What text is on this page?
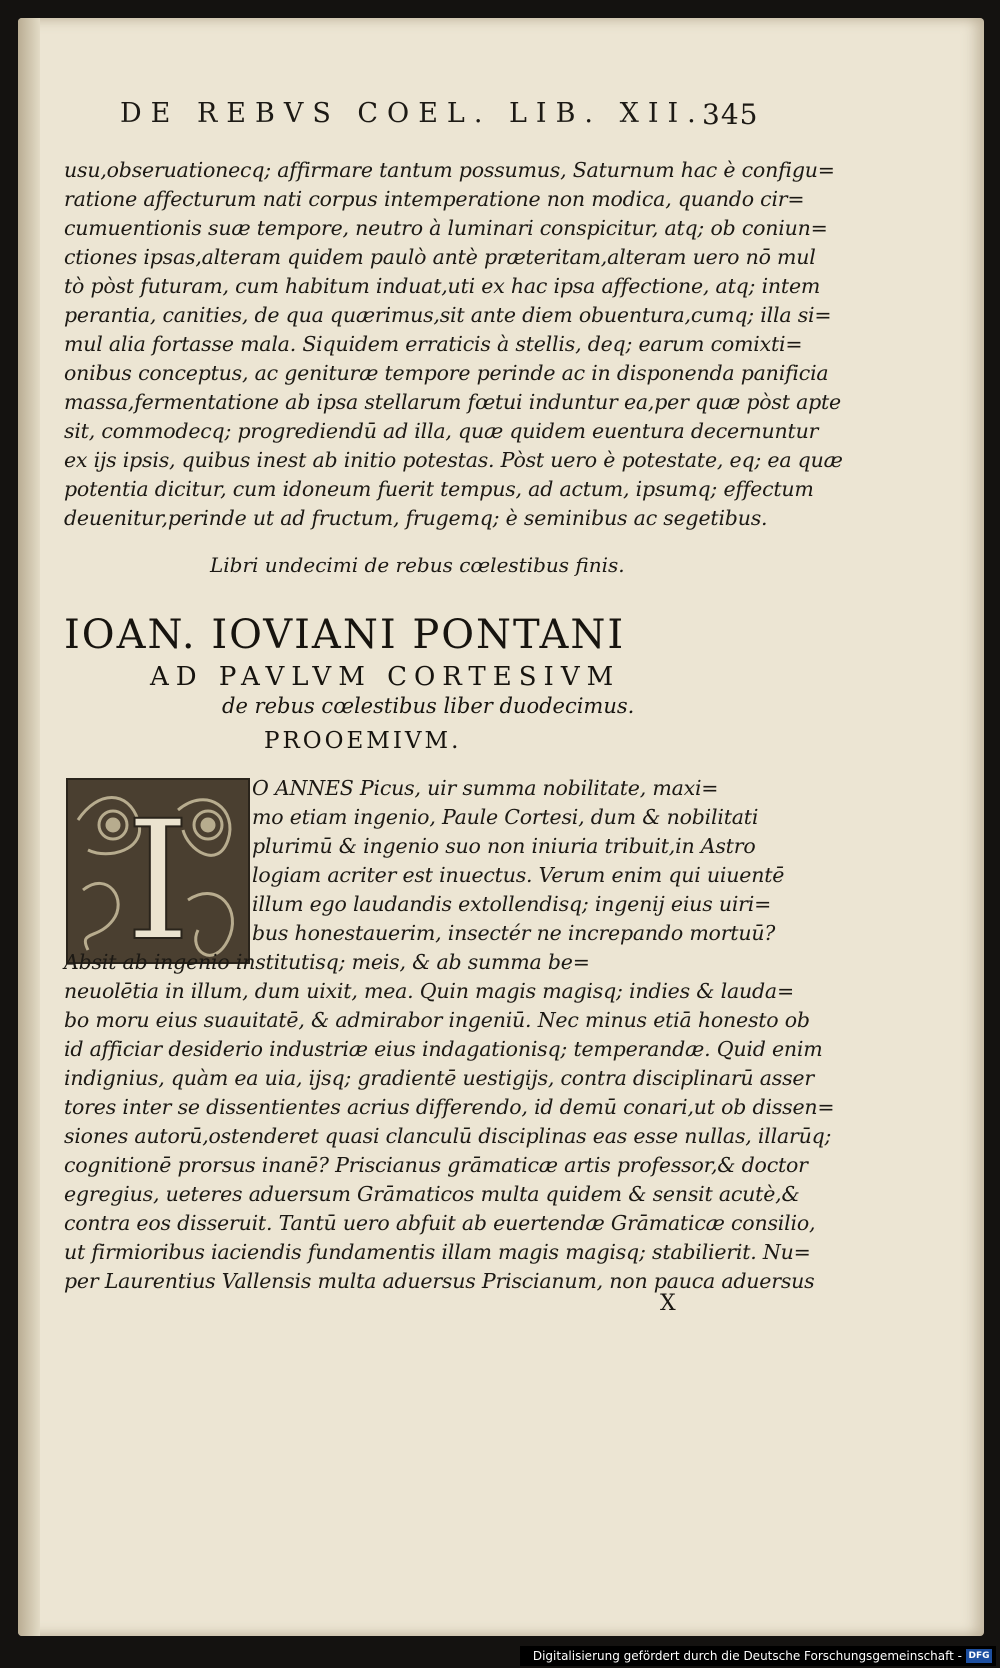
DE REBVS COEL. LIB. XII.
345
usu,obseruationecq; affirmare tantum possumus, Saturnum hac è configu=
ratione affecturum nati corpus intemperatione non modica, quando cir=
cumuentionis suæ tempore, neutro à luminari conspicitur, atq; ob coniun=
ctiones ipsas,alteram quidem paulò antè præteritam,alteram uero nō mul
tò pòst futuram, cum habitum induat,uti ex hac ipsa affectione, atq; intem
perantia, canities, de qua quærimus,sit ante diem obuentura,cumq; illa si=
mul alia fortasse mala. Siquidem erraticis à stellis, deq; earum comixti=
onibus conceptus, ac genituræ tempore perinde ac in disponenda panificia
massa,fermentatione ab ipsa stellarum fœtui induntur ea,per quæ pòst apte
sit, commodecq; progrediendū ad illa, quæ quidem euentura decernuntur
ex ijs ipsis, quibus inest ab initio potestas. Pòst uero è potestate, eq; ea quæ
potentia dicitur, cum idoneum fuerit tempus, ad actum, ipsumq; effectum
deuenitur,perinde ut ad fructum, frugemq; è seminibus ac segetibus.
Libri undecimi de rebus cœlestibus finis.
IOAN. IOVIANI PONTANI
AD PAVLVM CORTESIVM
de rebus cœlestibus liber duodecimus.
PROOEMIVM.
I	O ANNES Picus, uir summa nobilitate, maxi=
mo etiam ingenio, Paule Cortesi, dum & nobilitati
plurimū & ingenio suo non iniuria tribuit,in Astro
logiam acriter est inuectus. Verum enim qui uiuentē
illum ego laudandis extollendisq; ingenij eius uiri=
bus honestauerim, insectér ne increpando mortuū?
Absit ab ingenio institutisq; meis, & ab summa be=
neuolētia in illum, dum uixit, mea. Quin magis magisq; indies & lauda=
bo moru eius suauitatē, & admirabor ingeniū. Nec minus etiā honesto ob
id afficiar desiderio industriæ eius indagationisq; temperandæ. Quid enim
indignius, quàm ea uia, ijsq; gradientē uestigijs, contra disciplinarū asser
tores inter se dissentientes acrius differendo, id demū conari,ut ob dissen=
siones autorū,ostenderet quasi clanculū disciplinas eas esse nullas, illarūq;
cognitionē prorsus inanē? Priscianus grāmaticæ artis professor,& doctor
egregius, ueteres aduersum Grāmaticos multa quidem & sensit acutè,&
contra eos disseruit. Tantū uero abfuit ab euertendæ Grāmaticæ consilio,
ut firmioribus iaciendis fundamentis illam magis magisq; stabilierit. Nu=
per Laurentius Vallensis multa aduersus Priscianum, non pauca aduersus
X
Digitalisierung gefördert durch die Deutsche Forschungsgemeinschaft - DFG
